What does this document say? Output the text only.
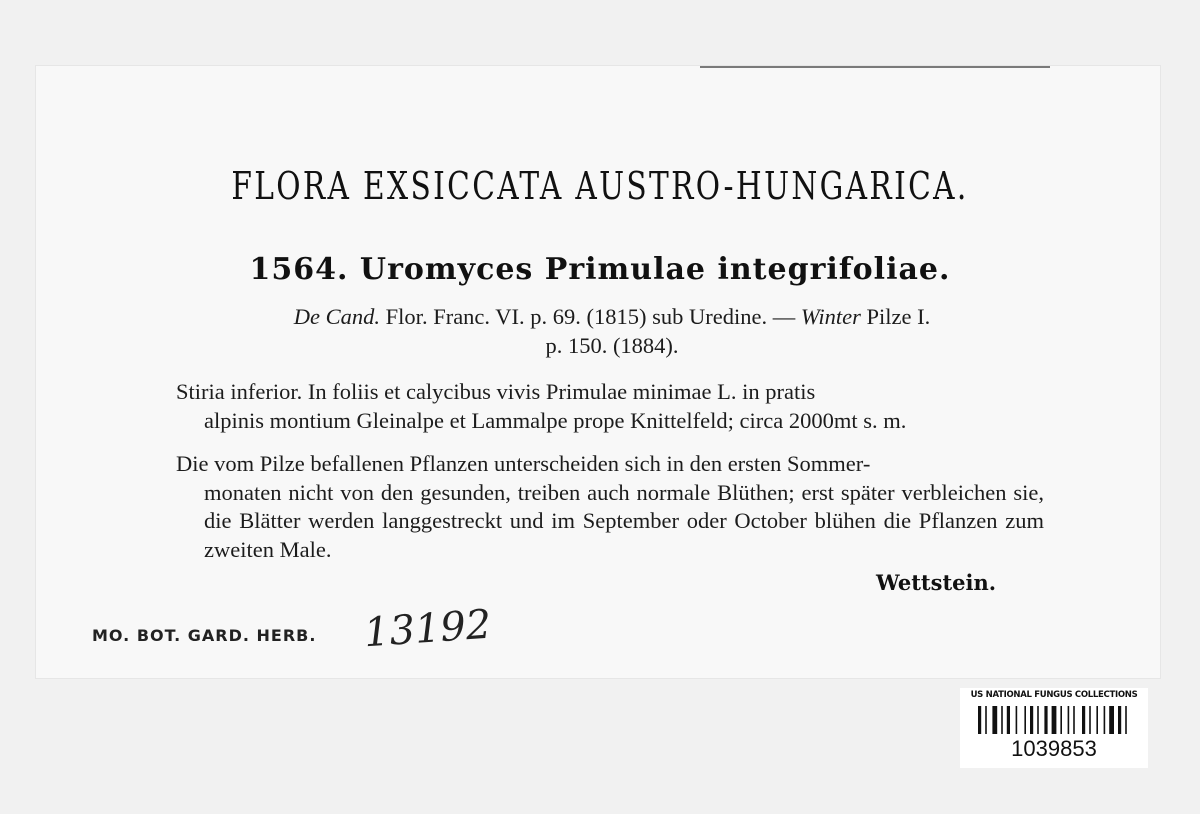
FLORA EXSICCATA AUSTRO-HUNGARICA.
1564. Uromyces Primulae integrifoliae.
De Cand. Flor. Franc. VI. p. 69. (1815) sub Uredine. — Winter Pilze I.
p. 150. (1884).
Stiria inferior. In foliis et calycibus vivis Primulae minimae L. in pratis
alpinis montium Gleinalpe et Lammalpe prope Knittelfeld; circa 2000mt s. m.
Die vom Pilze befallenen Pflanzen unterscheiden sich in den ersten Sommer-
monaten nicht von den gesunden, treiben auch normale Blüthen; erst später verbleichen sie, die Blätter werden langgestreckt und im September oder October blühen die Pflanzen zum zweiten Male.
Wettstein.
MO. BOT. GARD. HERB. 13192
US NATIONAL FUNGUS COLLECTIONS
1039853
